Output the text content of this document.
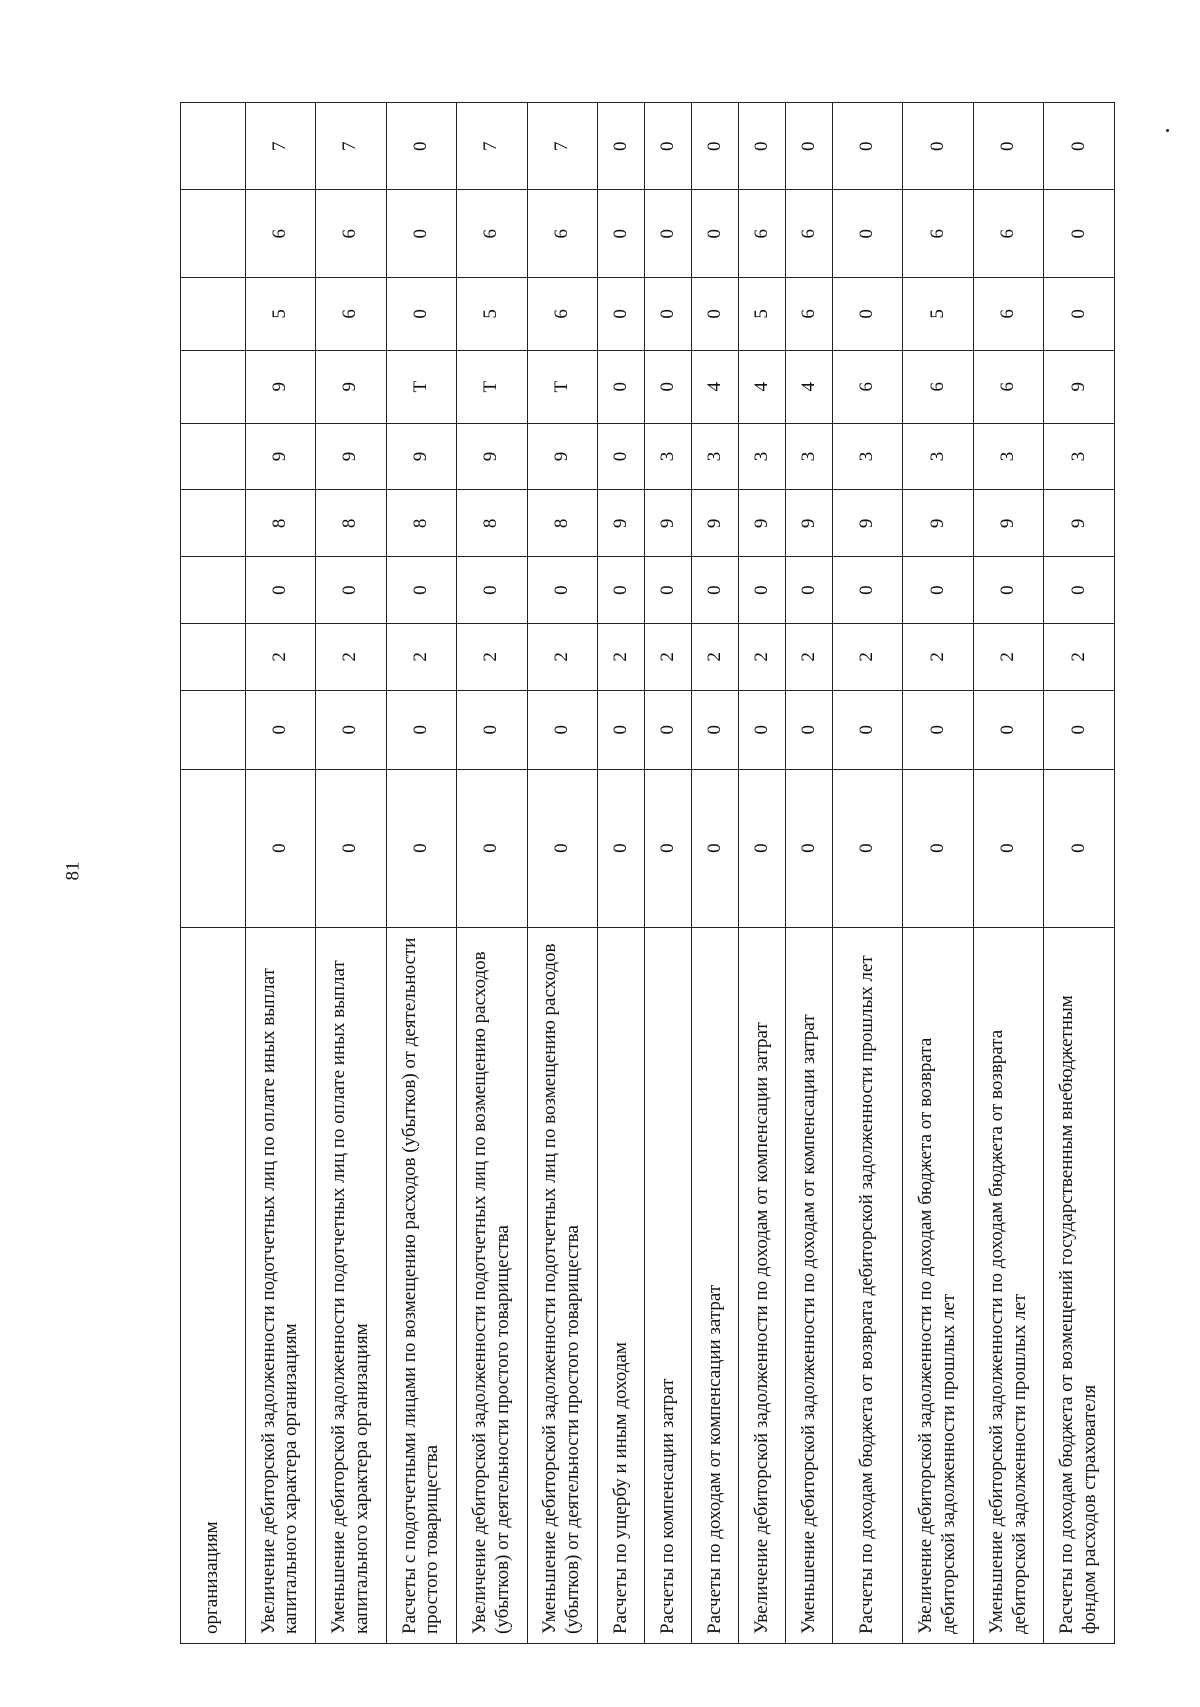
81
организациям										
Увеличение дебиторской задолженности подотчетных лиц по оплате иных выплат капитального характера организациям	0	0	2	0	8	9	9	5	6	7
Уменьшение дебиторской задолженности подотчетных лиц по оплате иных выплат капитального характера организациям	0	0	2	0	8	9	9	6	6	7
Расчеты с подотчетными лицами по возмещению расходов (убытков) от деятельности простого товарищества	0	0	2	0	8	9	Т	0	0	0
Увеличение дебиторской задолженности подотчетных лиц по возмещению расходов (убытков) от деятельности простого товарищества	0	0	2	0	8	9	Т	5	6	7
Уменьшение дебиторской задолженности подотчетных лиц по возмещению расходов (убытков) от деятельности простого товарищества	0	0	2	0	8	9	Т	6	6	7
Расчеты по ущербу и иным доходам	0	0	2	0	9	0	0	0	0	0
Расчеты по компенсации затрат	0	0	2	0	9	3	0	0	0	0
Расчеты по доходам от компенсации затрат	0	0	2	0	9	3	4	0	0	0
Увеличение дебиторской задолженности по доходам от компенсации затрат	0	0	2	0	9	3	4	5	6	0
Уменьшение дебиторской задолженности по доходам от компенсации затрат	0	0	2	0	9	3	4	6	6	0
Расчеты по доходам бюджета от возврата дебиторской задолженности прошлых лет	0	0	2	0	9	3	6	0	0	0
Увеличение дебиторской задолженности по доходам бюджета от возврата дебиторской задолженности прошлых лет	0	0	2	0	9	3	6	5	6	0
Уменьшение дебиторской задолженности по доходам бюджета от возврата дебиторской задолженности прошлых лет	0	0	2	0	9	3	6	6	6	0
Расчеты по доходам бюджета от возмещений государственным внебюджетным фондом расходов страхователя	0	0	2	0	9	3	9	0	0	0
